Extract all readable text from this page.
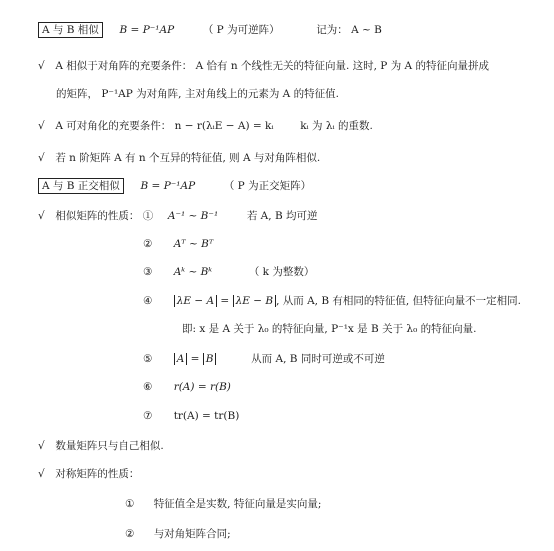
A 与 B 相似 B = P⁻¹AP	（ P 为可逆阵）	记为： A ~ B
√ A 相似于对角阵的充要条件： A 恰有 n 个线性无关的特征向量. 这时, P 为 A 的特征向量拼成
的矩阵， P⁻¹AP 为对角阵, 主对角线上的元素为 A 的特征值.
√ A 可对角化的充要条件： n − r(λᵢE − A) = kᵢ	kᵢ 为 λᵢ 的重数.
√ 若 n 阶矩阵 A 有 n 个互异的特征值, 则 A 与对角阵相似.
A 与 B 正交相似 B = P⁻¹AP	（ P 为正交矩阵）
√ 相似矩阵的性质： ① A⁻¹ ~ B⁻¹	若 A, B 均可逆
② Aᵀ ~ Bᵀ
③ Aᵏ ~ Bᵏ	（ k 为整数）
④ λE − A = λE − B , 从而 A, B 有相同的特征值, 但特征向量不一定相同.
即: x 是 A 关于 λ₀ 的特征向量, P⁻¹x 是 B 关于 λ₀ 的特征向量.
⑤ A = B	从而 A, B 同时可逆或不可逆
⑥ r(A) = r(B)
⑦ tr(A) = tr(B)
√ 数量矩阵只与自己相似.
√ 对称矩阵的性质：
① 特征值全是实数, 特征向量是实向量;
② 与对角矩阵合同;
